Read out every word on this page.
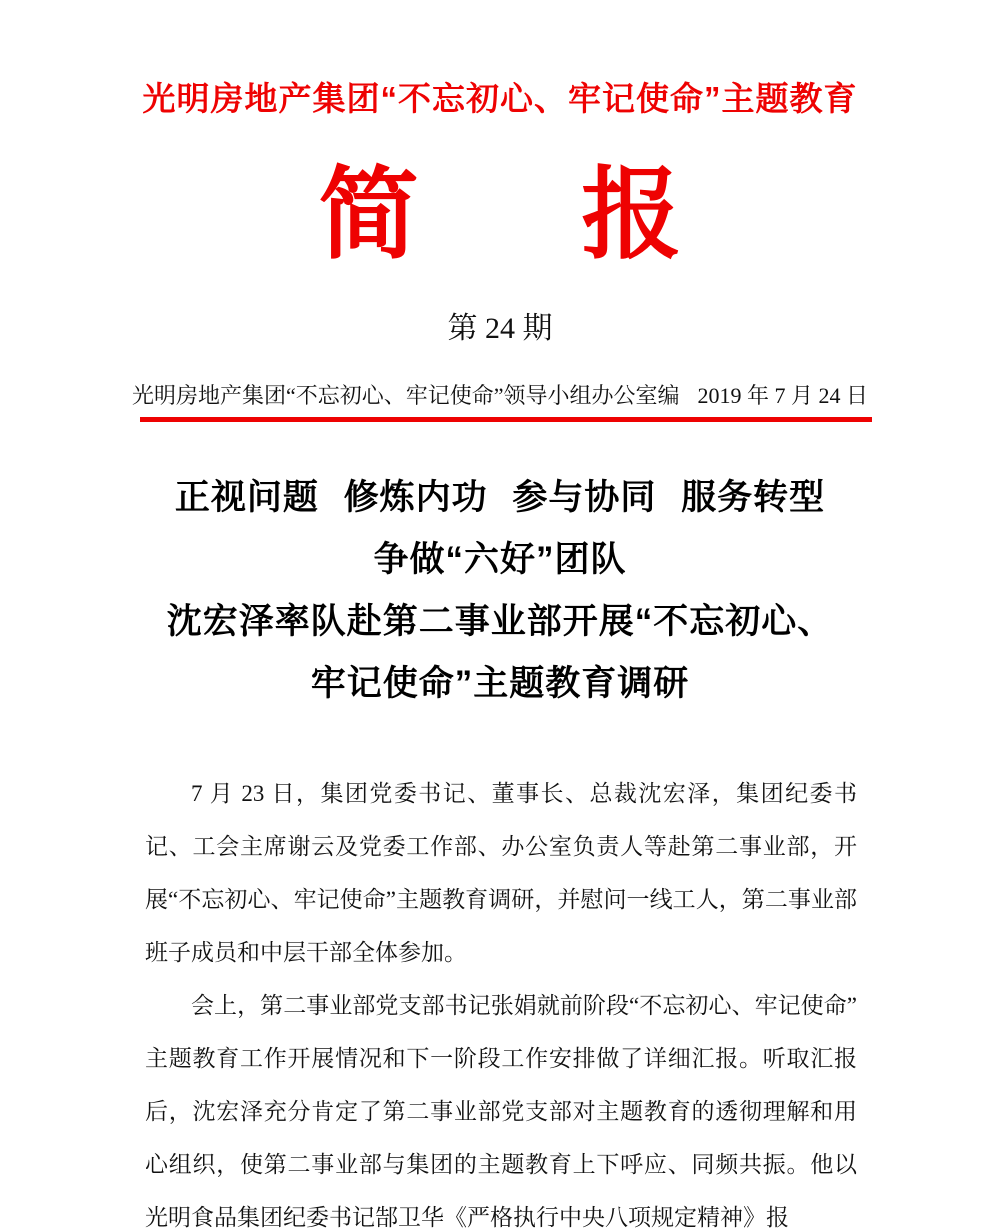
光明房地产集团“不忘初心、牢记使命”主题教育
简 报
第 24 期
光明房地产集团“不忘初心、牢记使命”领导小组办公室编 2019 年 7 月 24 日
正视问题 修炼内功 参与协同 服务转型
争做“六好”团队
沈宏泽率队赴第二事业部开展“不忘初心、
牢记使命”主题教育调研

7 月 23 日，集团党委书记、董事长、总裁沈宏泽，集团纪委书记、工会主席谢云及党委工作部、办公室负责人等赴第二事业部，开展“不忘初心、牢记使命”主题教育调研，并慰问一线工人，第二事业部班子成员和中层干部全体参加。

会上，第二事业部党支部书记张娟就前阶段“不忘初心、牢记使命”主题教育工作开展情况和下一阶段工作安排做了详细汇报。听取汇报后，沈宏泽充分肯定了第二事业部党支部对主题教育的透彻理解和用心组织，使第二事业部与集团的主题教育上下呼应、同频共振。他以光明食品集团纪委书记郜卫华《严格执行中央八项规定精神》报
